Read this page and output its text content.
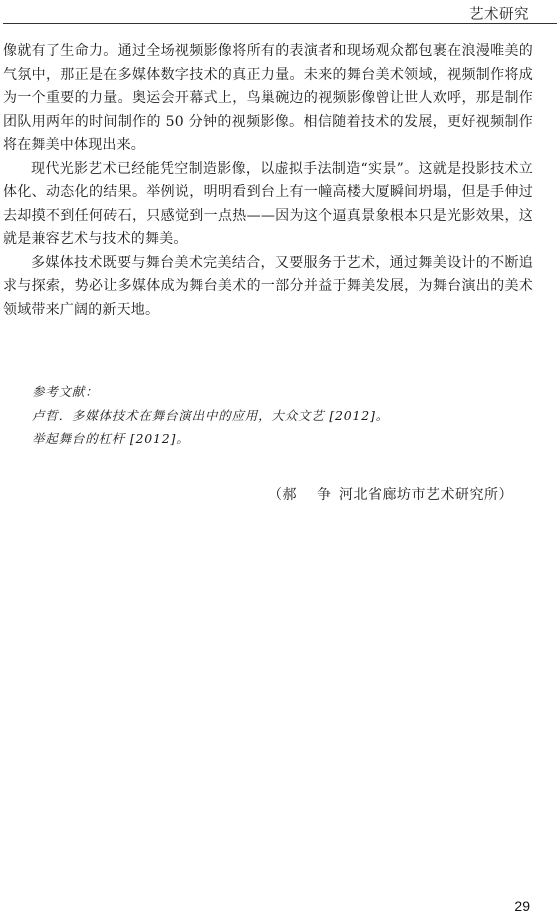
艺术研究

像就有了生命力。通过全场视频影像将所有的表演者和现场观众都包裹在浪漫唯美的气氛中，那正是在多媒体数字技术的真正力量。未来的舞台美术领域，视频制作将成为一个重要的力量。奥运会开幕式上，鸟巢碗边的视频影像曾让世人欢呼，那是制作团队用两年的时间制作的 50 分钟的视频影像。相信随着技术的发展，更好视频制作将在舞美中体现出来。

现代光影艺术已经能凭空制造影像，以虚拟手法制造“实景”。这就是投影技术立体化、动态化的结果。举例说，明明看到台上有一幢高楼大厦瞬间坍塌，但是手伸过去却摸不到任何砖石，只感觉到一点热——因为这个逼真景象根本只是光影效果，这就是兼容艺术与技术的舞美。

多媒体技术既要与舞台美术完美结合，又要服务于艺术，通过舞美设计的不断追求与探索，势必让多媒体成为舞台美术的一部分并益于舞美发展，为舞台演出的美术领域带来广阔的新天地。

参考文献：
卢哲．多媒体技术在舞台演出中的应用，大众文艺 [2012]。
举起舞台的杠杆 [2012]。
（郝 争河北省廊坊市艺术研究所）
29
